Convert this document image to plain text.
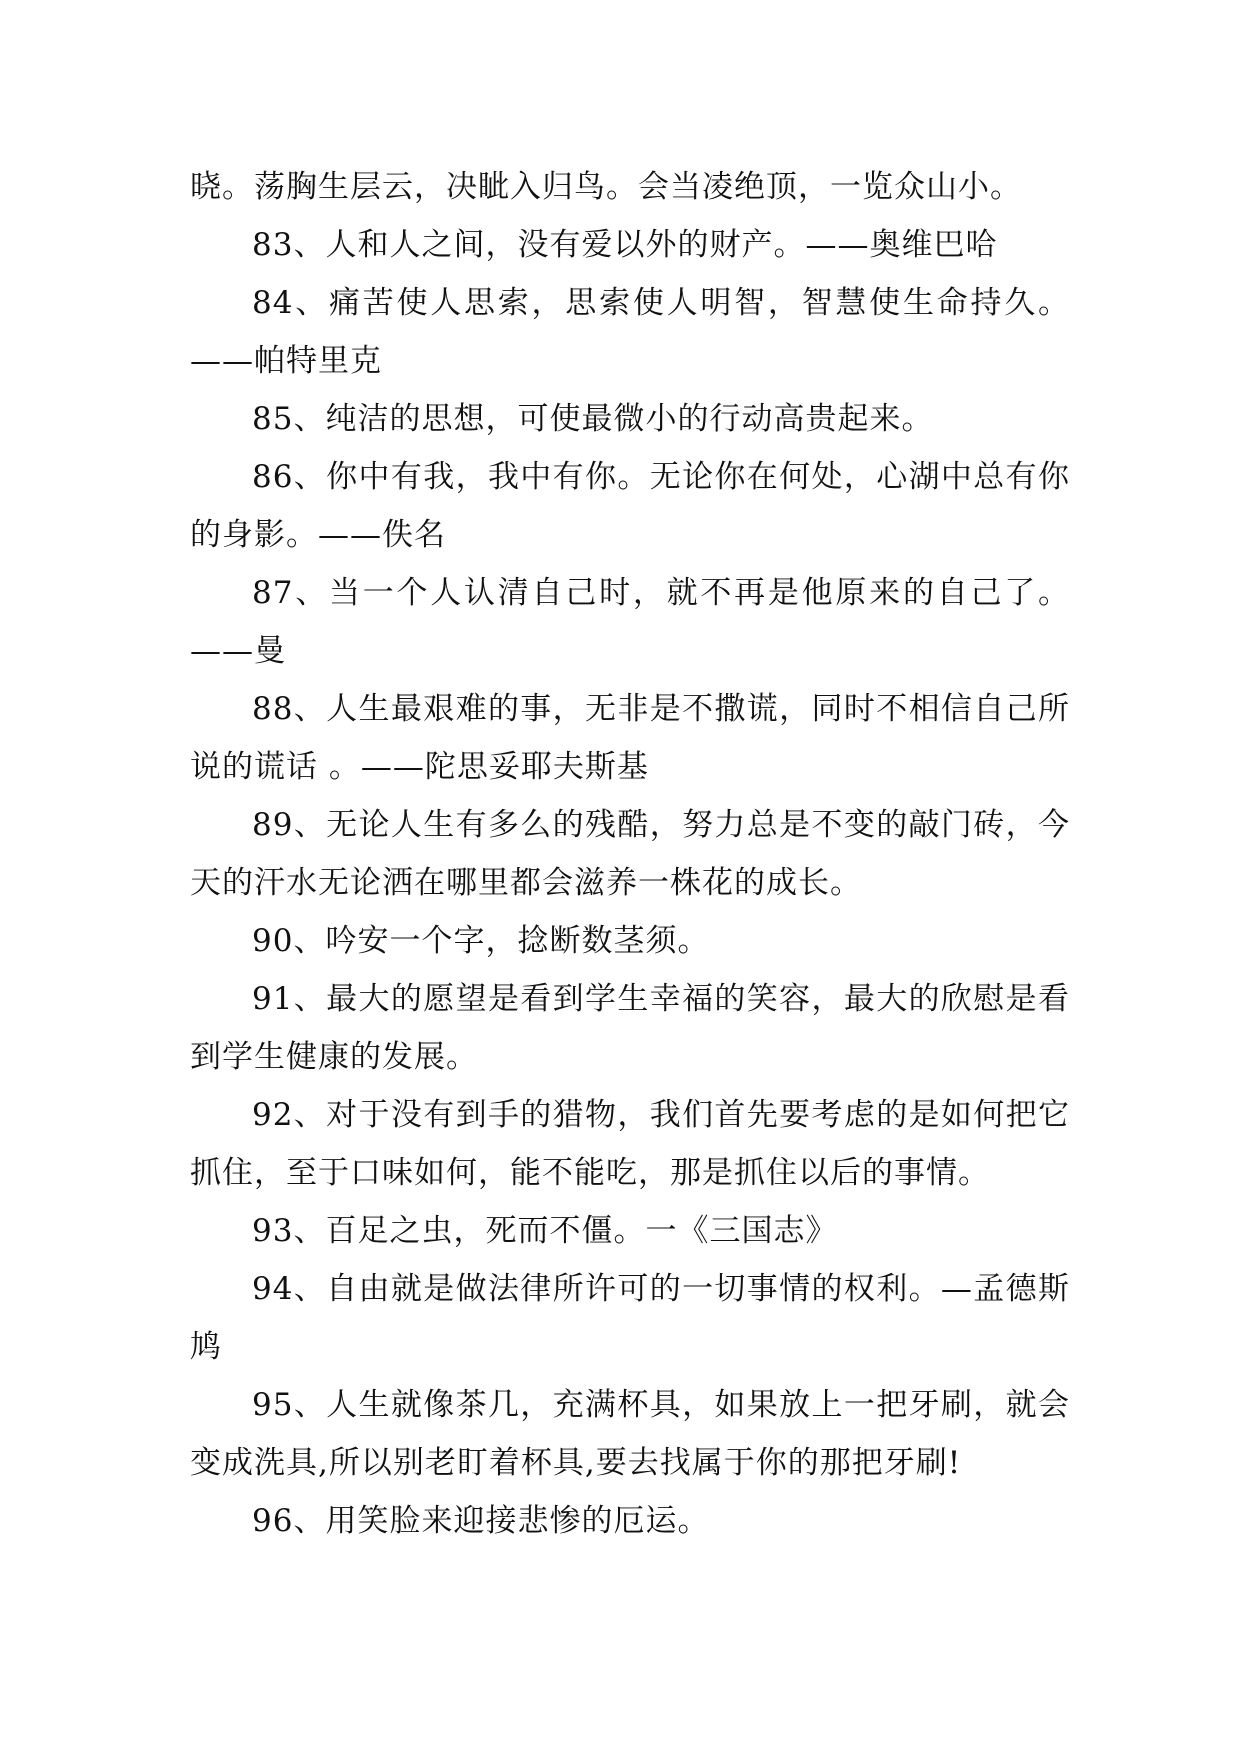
晓。荡胸生层云，决眦入归鸟。会当凌绝顶，一览众山小。

83、人和人之间，没有爱以外的财产。——奥维巴哈

84、痛苦使人思索，思索使人明智，智慧使生命持久。——帕特里克

85、纯洁的思想，可使最微小的行动高贵起来。

86、你中有我，我中有你。无论你在何处，心湖中总有你的身影。——佚名

87、当一个人认清自己时，就不再是他原来的自己了。——曼

88、人生最艰难的事，无非是不撒谎，同时不相信自己所说的谎话 。——陀思妥耶夫斯基

89、无论人生有多么的残酷，努力总是不变的敲门砖，今天的汗水无论洒在哪里都会滋养一株花的成长。

90、吟安一个字，捻断数茎须。

91、最大的愿望是看到学生幸福的笑容，最大的欣慰是看到学生健康的发展。

92、对于没有到手的猎物，我们首先要考虑的是如何把它抓住，至于口味如何，能不能吃，那是抓住以后的事情。

93、百足之虫，死而不僵。一《三国志》

94、自由就是做法律所许可的一切事情的权利。—孟德斯鸠

95、人生就像茶几，充满杯具，如果放上一把牙刷，就会变成洗具,所以别老盯着杯具,要去找属于你的那把牙刷!

96、用笑脸来迎接悲惨的厄运。
